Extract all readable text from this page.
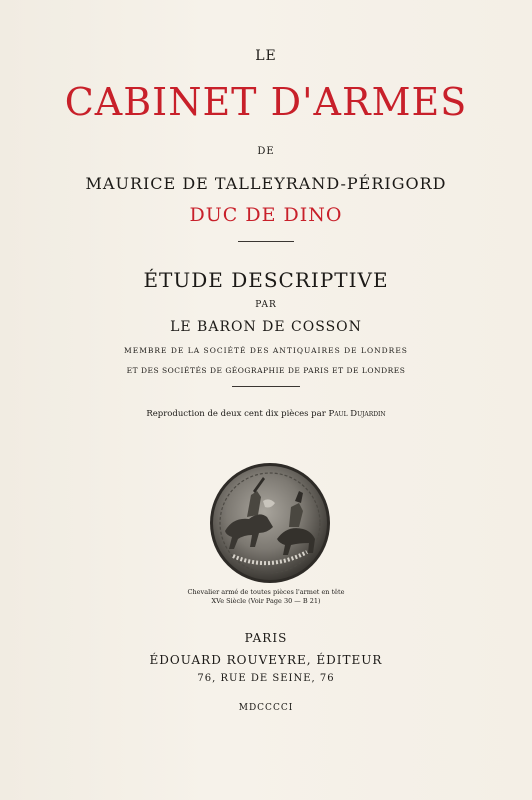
LE
CABINET D'ARMES
DE
MAURICE DE TALLEYRAND-PÉRIGORD
DUC DE DINO
ÉTUDE DESCRIPTIVE
PAR
LE BARON DE COSSON
MEMBRE DE LA SOCIÉTÉ DES ANTIQUAIRES DE LONDRES
ET DES SOCIÉTÉS DE GÉOGRAPHIE DE PARIS ET DE LONDRES
Reproduction de deux cent dix pièces par Paul Dujardin
Chevalier armé de toutes pièces l'armet en tête
XVe Siècle (Voir Page 30 — B 21)
PARIS
ÉDOUARD ROUVEYRE, ÉDITEUR
76, RUE DE SEINE, 76
MDCCCCI
